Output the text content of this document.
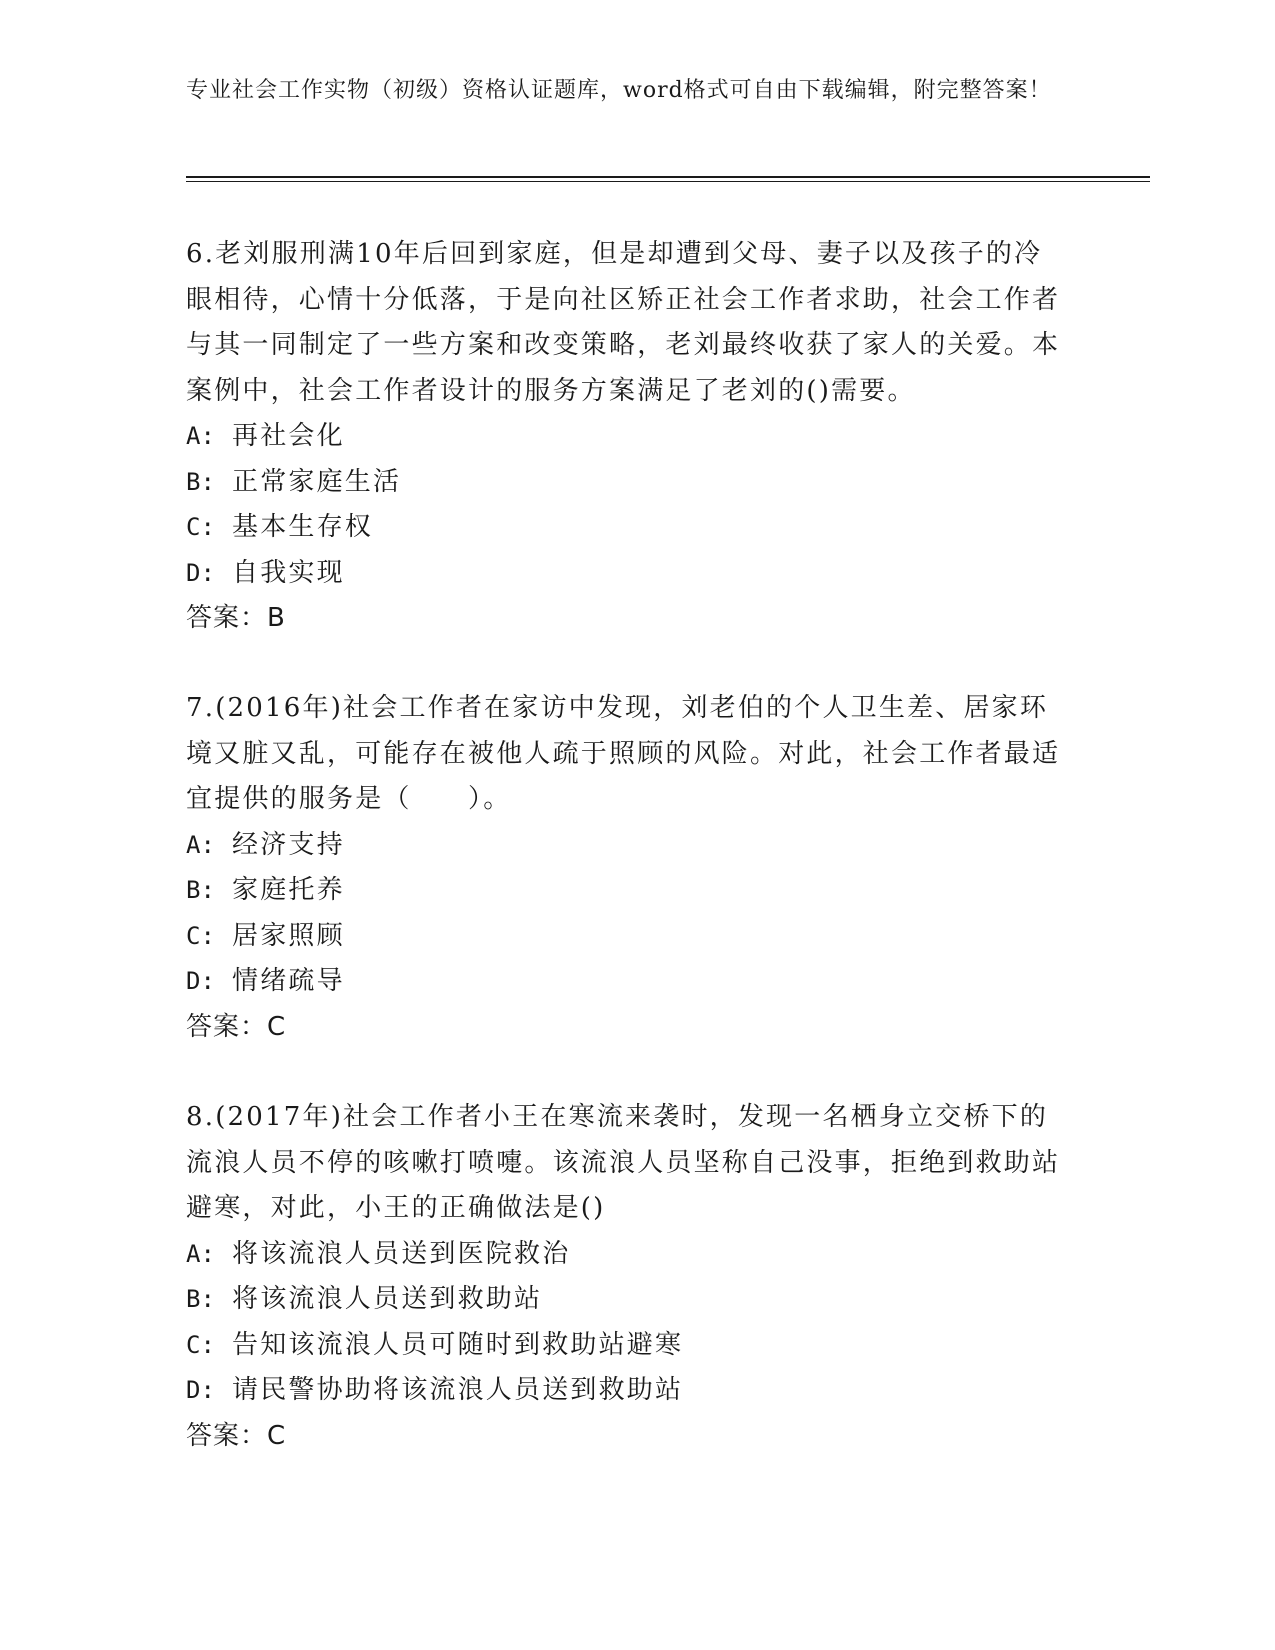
专业社会工作实物（初级）资格认证题库，word格式可自由下载编辑，附完整答案！

6.老刘服刑满10年后回到家庭，但是却遭到父母、妻子以及孩子的冷眼相待，心情十分低落，于是向社区矫正社会工作者求助，社会工作者与其一同制定了一些方案和改变策略，老刘最终收获了家人的关爱。本案例中，社会工作者设计的服务方案满足了老刘的()需要。

A: 再社会化
B: 正常家庭生活
C: 基本生存权
D: 自我实现

答案：B

7.(2016年)社会工作者在家访中发现，刘老伯的个人卫生差、居家环境又脏又乱，可能存在被他人疏于照顾的风险。对此，社会工作者最适宜提供的服务是（　　）。

A: 经济支持
B: 家庭托养
C: 居家照顾
D: 情绪疏导

答案：C

8.(2017年)社会工作者小王在寒流来袭时，发现一名栖身立交桥下的流浪人员不停的咳嗽打喷嚏。该流浪人员坚称自己没事，拒绝到救助站避寒，对此，小王的正确做法是()

A: 将该流浪人员送到医院救治
B: 将该流浪人员送到救助站
C: 告知该流浪人员可随时到救助站避寒
D: 请民警协助将该流浪人员送到救助站

答案：C
